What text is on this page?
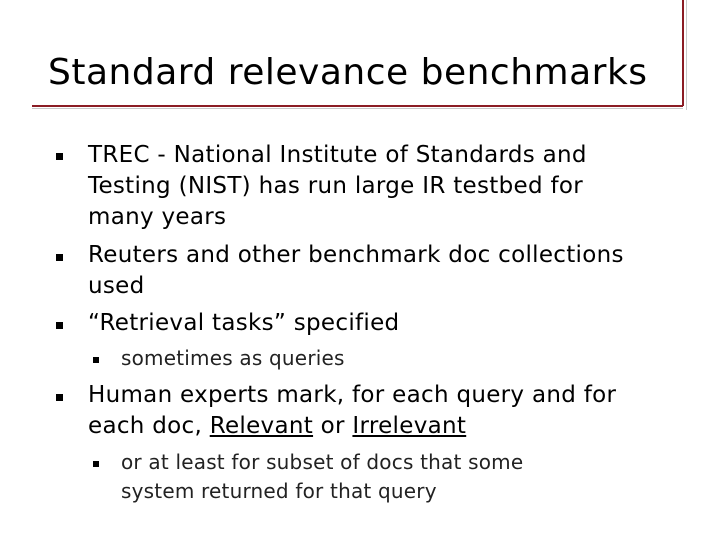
Standard relevance benchmarks
TREC - National Institute of Standards and
Testing (NIST) has run large IR testbed for
many years
Reuters and other benchmark doc collections
used
“Retrieval tasks” specified
sometimes as queries
Human experts mark, for each query and for
each doc, Relevant or Irrelevant
or at least for subset of docs that some
system returned for that query
